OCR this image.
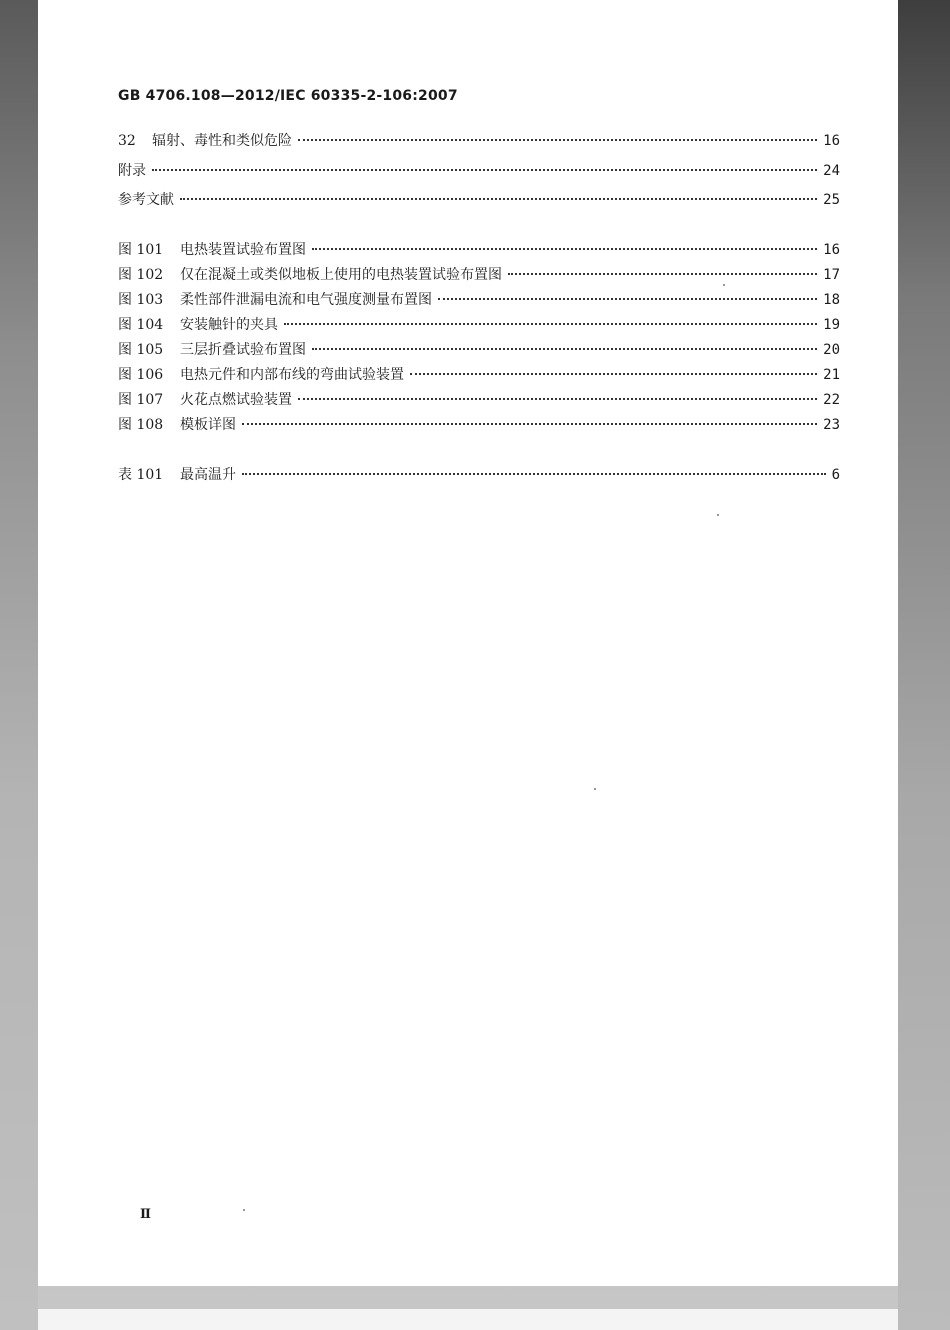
GB 4706.108—2012/IEC 60335-2-106:2007
32	辐射、毒性和类似危险	16
附录	24
参考文献	25
图 101	电热装置试验布置图	16
图 102	仅在混凝土或类似地板上使用的电热装置试验布置图	17
图 103	柔性部件泄漏电流和电气强度测量布置图	18
图 104	安装触针的夹具	19
图 105	三层折叠试验布置图	20
图 106	电热元件和内部布线的弯曲试验装置	21
图 107	火花点燃试验装置	22
图 108	模板详图	23
表 101	最高温升	6
Ⅱ
